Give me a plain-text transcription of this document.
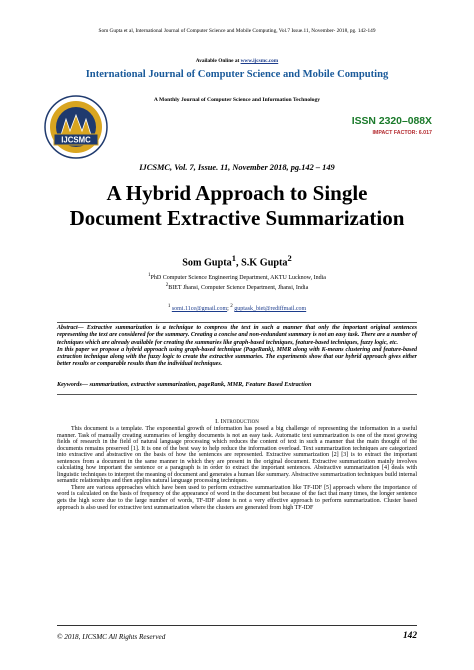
Som Gupta et al, International Journal of Computer Science and Mobile Computing, Vol.7 Issue.11, November- 2018, pg. 142-149
Available Online at www.ijcsmc.com
International Journal of Computer Science and Mobile Computing
IJCSMC
A Monthly Journal of Computer Science and Information Technology
ISSN 2320–088X
IMPACT FACTOR: 6.017
IJCSMC, Vol. 7, Issue. 11, November 2018, pg.142 – 149
A Hybrid Approach to Single
Document Extractive Summarization
Som Gupta$^1$, S.K Gupta$^2$
$^1$PhD Computer Science Engineering Department, AKTU Lucknow, India
$^2$BIET Jhansi, Computer Science Department, Jhansi, India
$^1$ somi.11ce@gmail.com; $^2$ guptask_biet@rediffmail.com
Abstract— Extractive summarization is a technique to compress the text in such a manner that only the important original sentences representing the text are considered for the summary. Creating a concise and non-redundant summary is not an easy task. There are a number of techniques which are already available for creating the summaries like graph-based techniques, feature-based techniques, fuzzy logic, etc.
In this paper we propose a hybrid approach using graph-based technique (PageRank), MMR along with K-means clustering and feature-based extraction technique along with the fuzzy logic to create the extractive summaries. The experiments show that our hybrid approach gives either better results or comparable results than the individual techniques.
Keywords— summarization, extractive summarization, pageRank, MMR, Feature Based Extraction
I. Introduction

This document is a template. The exponential growth of information has posed a big challenge of representing the information in a useful manner. Task of manually creating summaries of lengthy documents is not an easy task. Automatic text summarization is one of the most growing fields of research in the field of natural language processing which reduces the content of text in such a manner that the main thought of the documents remains preserved [1]. It is one of the best way to help reduce the information overload. Text summarization techniques are categorized into extractive and abstractive on the basis of how the sentences are represented. Extractive summarization [2] [3] is to extract the important sentences from a document in the same manner in which they are present in the original document. Extractive summarization mainly involves calculating how important the sentence or a paragraph is in order to extract the important sentences. Abstractive summarization [4] deals with linguistic techniques to interpret the meaning of document and generates a human like summary. Abstractive summarization techniques build internal semantic relationships and then applies natural language processing techniques.

There are various approaches which have been used to perform extractive summarization like TF-IDF [5] approach where the importance of word is calculated on the basis of frequency of the appearance of word in the document but because of the fact that many times, the longer sentence gets the high score due to the large number of words, TF-IDF alone is not a very effective approach to perform summarization. Cluster based approach is also used for extractive text summarization where the clusters are generated from high TF-IDF

© 2018, IJCSMC All Rights Reserved	142
